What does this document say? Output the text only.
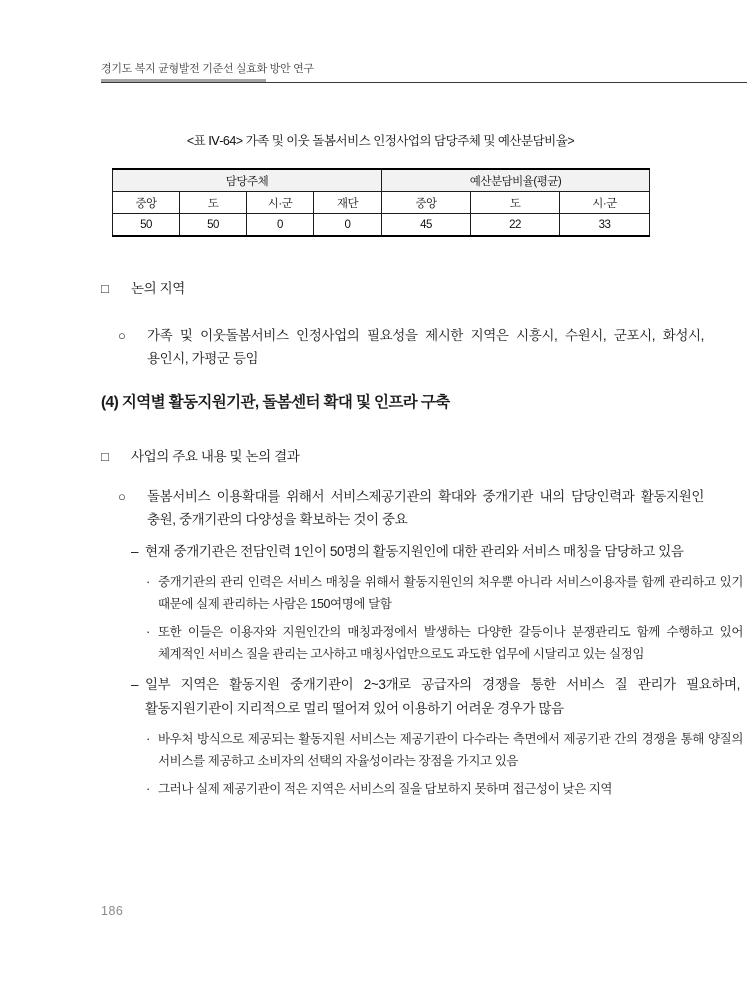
경기도 복지 균형발전 기준선 실효화 방안 연구
<표 Ⅳ-64> 가족 및 이웃 돌봄서비스 인정사업의 담당주체 및 예산분담비율>
담당주체				예산분담비율(평균)		
중앙	도	시·군	재단	중앙	도	시·군
50	50	0	0	45	22	33
□ 논의 지역
○ 가족 및 이웃돌봄서비스 인정사업의 필요성을 제시한 지역은 시흥시, 수원시, 군포시, 화성시, 용인시, 가평군 등임
(4) 지역별 활동지원기관, 돌봄센터 확대 및 인프라 구축
□ 사업의 주요 내용 및 논의 결과
○ 돌봄서비스 이용확대를 위해서 서비스제공기관의 확대와 중개기관 내의 담당인력과 활동지원인 충원, 중개기관의 다양성을 확보하는 것이 중요
– 현재 중개기관은 전담인력 1인이 50명의 활동지원인에 대한 관리와 서비스 매칭을 담당하고 있음
· 중개기관의 관리 인력은 서비스 매칭을 위해서 활동지원인의 처우뿐 아니라 서비스이용자를 함께 관리하고 있기 때문에 실제 관리하는 사람은 150여명에 달함
· 또한 이들은 이용자와 지원인간의 매칭과정에서 발생하는 다양한 갈등이나 분쟁관리도 함께 수행하고 있어 체계적인 서비스 질을 관리는 고사하고 매칭사업만으로도 과도한 업무에 시달리고 있는 실정임
– 일부 지역은 활동지원 중개기관이 2~3개로 공급자의 경쟁을 통한 서비스 질 관리가 필요하며, 활동지원기관이 지리적으로 멀리 떨어져 있어 이용하기 어려운 경우가 많음
· 바우처 방식으로 제공되는 활동지원 서비스는 제공기관이 다수라는 측면에서 제공기관 간의 경쟁을 통해 양질의 서비스를 제공하고 소비자의 선택의 자율성이라는 장점을 가지고 있음
· 그러나 실제 제공기관이 적은 지역은 서비스의 질을 담보하지 못하며 접근성이 낮은 지역
186
